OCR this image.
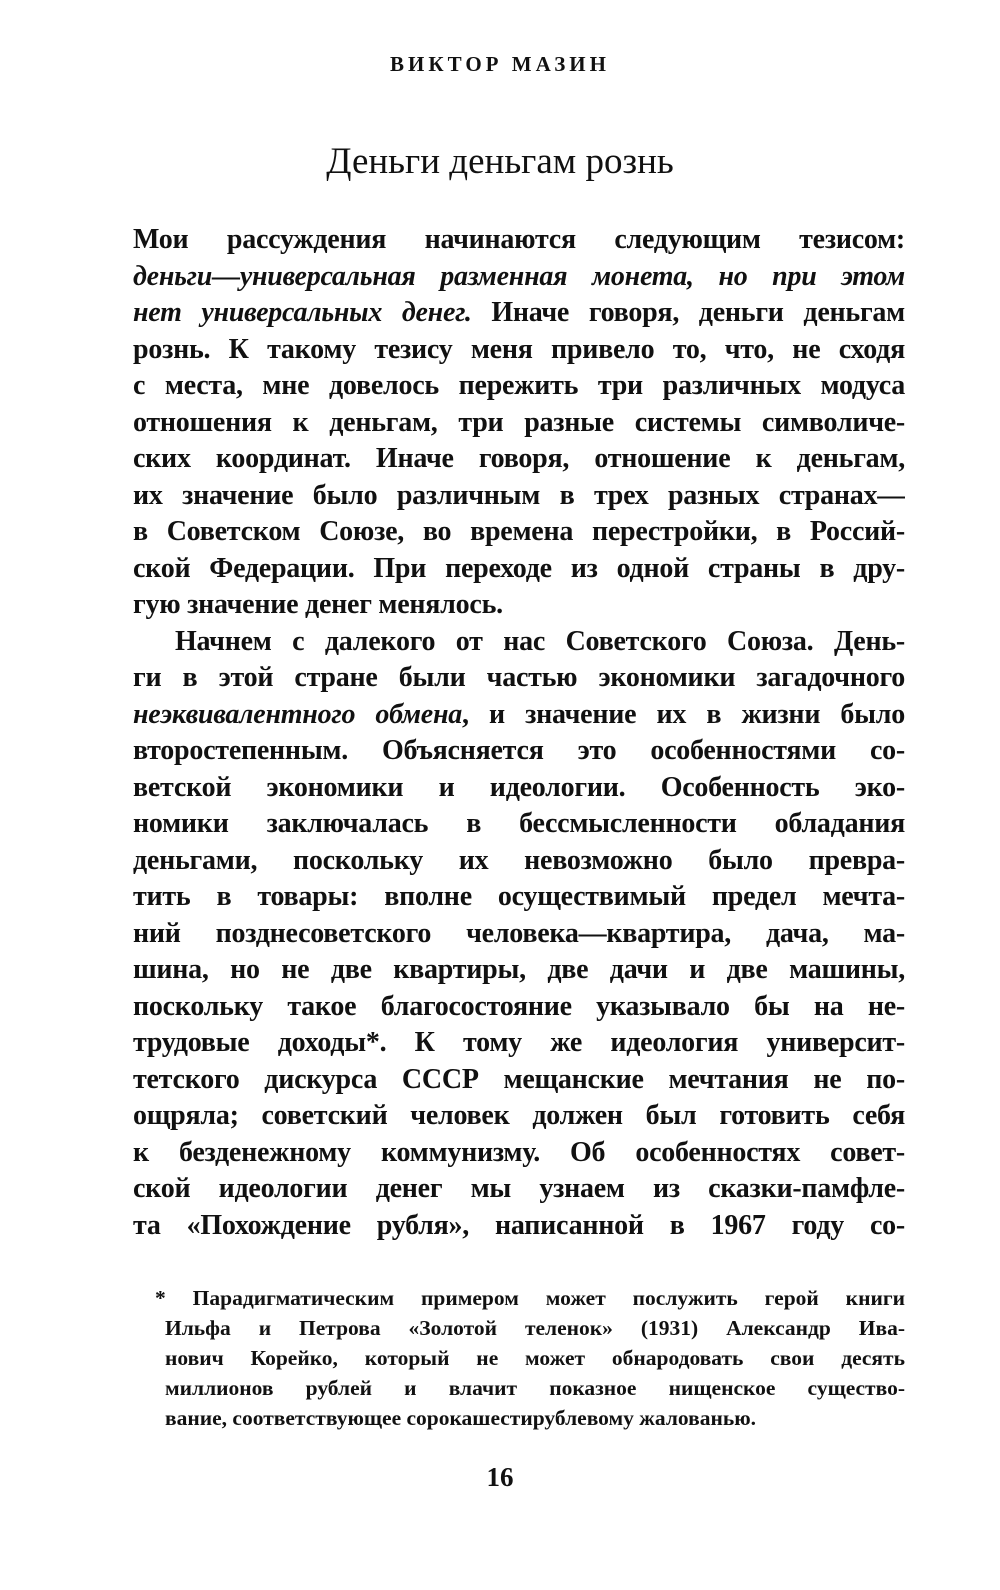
ВИКТОР МАЗИН
Деньги деньгам рознь
Мои рассуждения начинаются следующим тезисом:
деньги—универсальная разменная монета, но при этом
нет универсальных денег. Иначе говоря, деньги деньгам
рознь. К такому тезису меня привело то, что, не сходя
с места, мне довелось пережить три различных модуса
отношения к деньгам, три разные системы символиче-
ских координат. Иначе говоря, отношение к деньгам,
их значение было различным в трех разных странах—
в Советском Союзе, во времена перестройки, в Россий-
ской Федерации. При переходе из одной страны в дру-
гую значение денег менялось.
Начнем с далекого от нас Советского Союза. День-
ги в этой стране были частью экономики загадочного
неэквивалентного обмена, и значение их в жизни было
второстепенным. Объясняется это особенностями со-
ветской экономики и идеологии. Особенность эко-
номики заключалась в бессмысленности обладания
деньгами, поскольку их невозможно было превра-
тить в товары: вполне осуществимый предел мечта-
ний позднесоветского человека—квартира, дача, ма-
шина, но не две квартиры, две дачи и две машины,
поскольку такое благосостояние указывало бы на не-
трудовые доходы*. К тому же идеология университ-
тетского дискурса СССР мещанские мечтания не по-
ощряла; советский человек должен был готовить себя
к безденежному коммунизму. Об особенностях совет-
ской идеологии денег мы узнаем из сказки-памфле-
та «Похождение рубля», написанной в 1967 году со-
* Парадигматическим примером может послужить герой книги
Ильфа и Петрова «Золотой теленок» (1931) Александр Ива-
нович Корейко, который не может обнародовать свои десять
миллионов рублей и влачит показное нищенское существо-
вание, соответствующее сорокашестирублевому жалованью.
16
